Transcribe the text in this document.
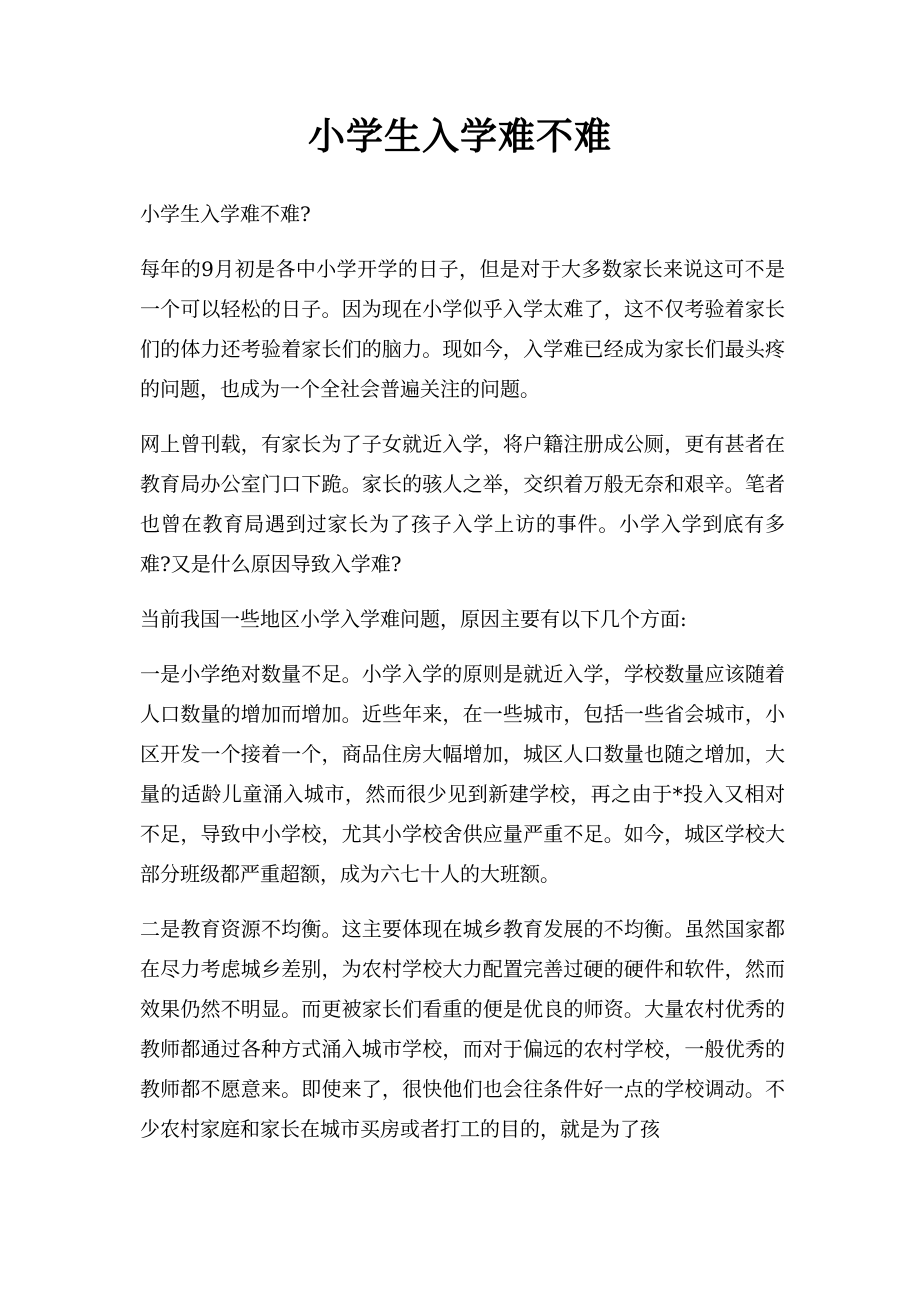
小学生入学难不难

小学生入学难不难?

每年的9月初是各中小学开学的日子，但是对于大多数家长来说这可不是一个可以轻松的日子。因为现在小学似乎入学太难了，这不仅考验着家长们的体力还考验着家长们的脑力。现如今，入学难已经成为家长们最头疼的问题，也成为一个全社会普遍关注的问题。

网上曾刊载，有家长为了子女就近入学，将户籍注册成公厕，更有甚者在教育局办公室门口下跪。家长的骇人之举，交织着万般无奈和艰辛。笔者也曾在教育局遇到过家长为了孩子入学上访的事件。小学入学到底有多难?又是什么原因导致入学难?

当前我国一些地区小学入学难问题，原因主要有以下几个方面:

一是小学绝对数量不足。小学入学的原则是就近入学，学校数量应该随着人口数量的增加而增加。近些年来，在一些城市，包括一些省会城市，小区开发一个接着一个，商品住房大幅增加，城区人口数量也随之增加，大量的适龄儿童涌入城市，然而很少见到新建学校，再之由于*投入又相对不足，导致中小学校，尤其小学校舍供应量严重不足。如今，城区学校大部分班级都严重超额，成为六七十人的大班额。

二是教育资源不均衡。这主要体现在城乡教育发展的不均衡。虽然国家都在尽力考虑城乡差别，为农村学校大力配置完善过硬的硬件和软件，然而效果仍然不明显。而更被家长们看重的便是优良的师资。大量农村优秀的教师都通过各种方式涌入城市学校，而对于偏远的农村学校，一般优秀的教师都不愿意来。即使来了，很快他们也会往条件好一点的学校调动。不少农村家庭和家长在城市买房或者打工的目的，就是为了孩
